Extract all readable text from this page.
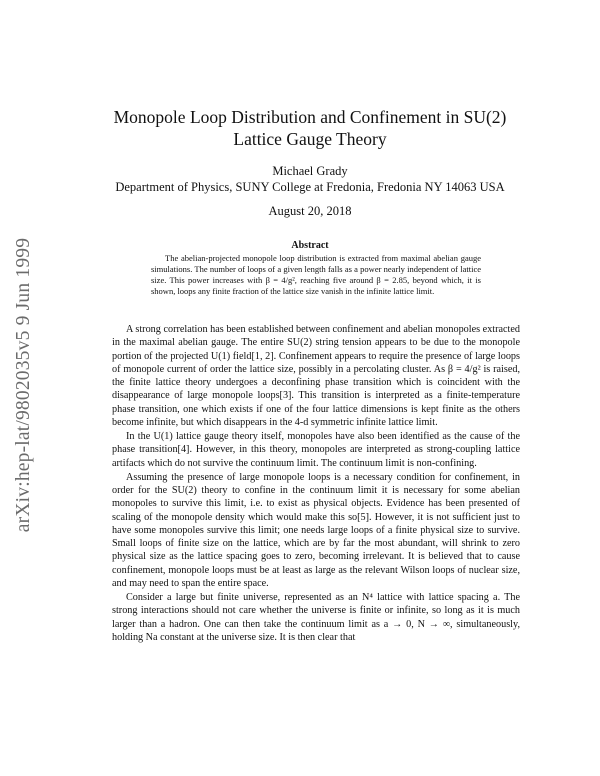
arXiv:hep-lat/9802035v5 9 Jun 1999
Monopole Loop Distribution and Confinement in SU(2)
Lattice Gauge Theory
Michael Grady
Department of Physics, SUNY College at Fredonia, Fredonia NY 14063 USA
August 20, 2018
Abstract

The abelian-projected monopole loop distribution is extracted from maximal abelian gauge simulations. The number of loops of a given length falls as a power nearly independent of lattice size. This power increases with β = 4/g², reaching five around β = 2.85, beyond which, it is shown, loops any finite fraction of the lattice size vanish in the infinite lattice limit.

A strong correlation has been established between confinement and abelian monopoles extracted in the maximal abelian gauge. The entire SU(2) string tension appears to be due to the monopole portion of the projected U(1) field[1, 2]. Confinement appears to require the presence of large loops of monopole current of order the lattice size, possibly in a percolating cluster. As β = 4/g² is raised, the finite lattice theory undergoes a deconfining phase transition which is coincident with the disappearance of large monopole loops[3]. This transition is interpreted as a finite-temperature phase transition, one which exists if one of the four lattice dimensions is kept finite as the others become infinite, but which disappears in the 4-d symmetric infinite lattice limit.

In the U(1) lattice gauge theory itself, monopoles have also been identified as the cause of the phase transition[4]. However, in this theory, monopoles are interpreted as strong-coupling lattice artifacts which do not survive the continuum limit. The continuum limit is non-confining.

Assuming the presence of large monopole loops is a necessary condition for confinement, in order for the SU(2) theory to confine in the continuum limit it is necessary for some abelian monopoles to survive this limit, i.e. to exist as physical objects. Evidence has been presented of scaling of the monopole density which would make this so[5]. However, it is not sufficient just to have some monopoles survive this limit; one needs large loops of a finite physical size to survive. Small loops of finite size on the lattice, which are by far the most abundant, will shrink to zero physical size as the lattice spacing goes to zero, becoming irrelevant. It is believed that to cause confinement, monopole loops must be at least as large as the relevant Wilson loops of nuclear size, and may need to span the entire space.

Consider a large but finite universe, represented as an N⁴ lattice with lattice spacing a. The strong interactions should not care whether the universe is finite or infinite, so long as it is much larger than a hadron. One can then take the continuum limit as a → 0, N → ∞, simultaneously, holding Na constant at the universe size. It is then clear that
